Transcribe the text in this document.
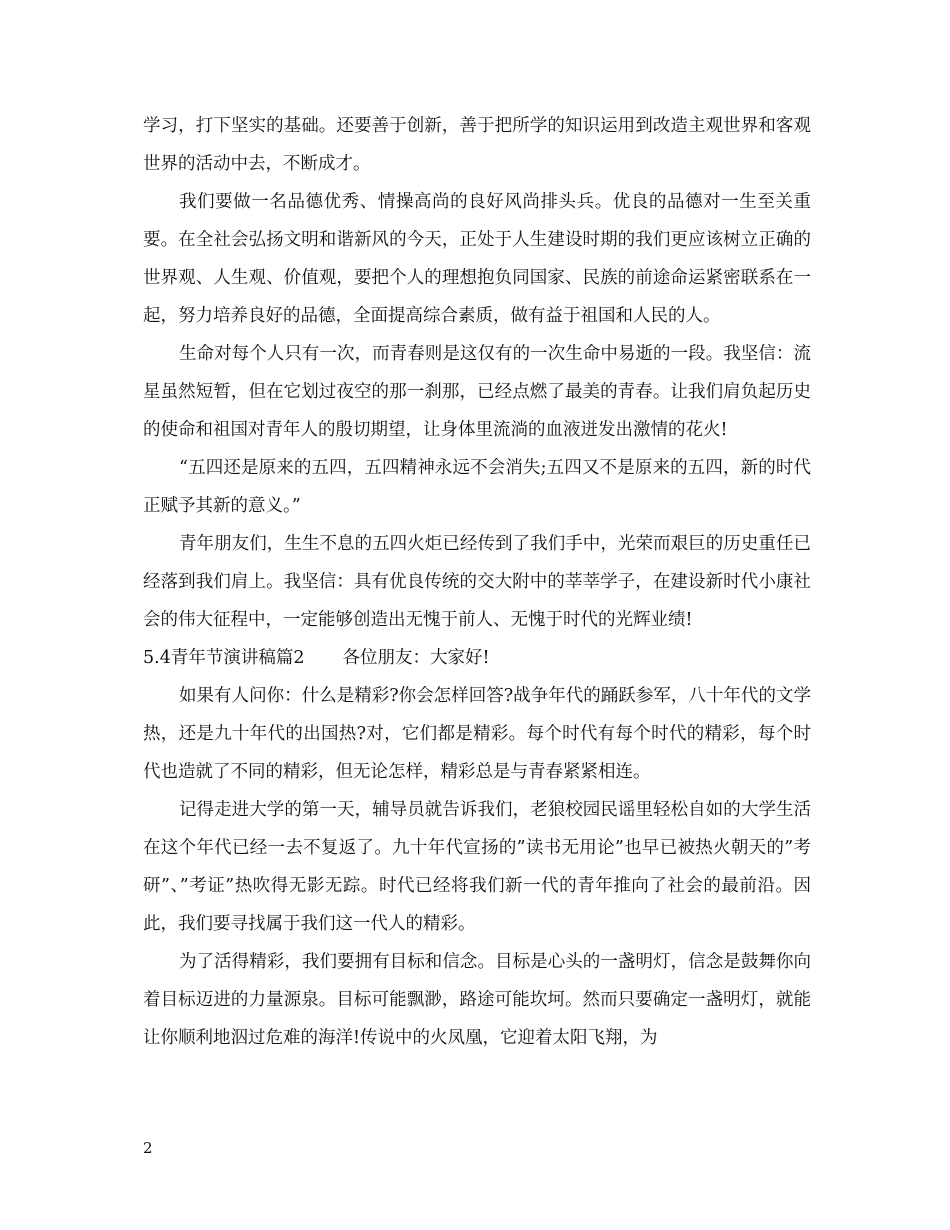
学习，打下坚实的基础。还要善于创新，善于把所学的知识运用到改造主观世界和客观世界的活动中去，不断成才。

我们要做一名品德优秀、情操高尚的良好风尚排头兵。优良的品德对一生至关重要。在全社会弘扬文明和谐新风的今天，正处于人生建设时期的我们更应该树立正确的世界观、人生观、价值观，要把个人的理想抱负同国家、民族的前途命运紧密联系在一起，努力培养良好的品德，全面提高综合素质，做有益于祖国和人民的人。

生命对每个人只有一次，而青春则是这仅有的一次生命中易逝的一段。我坚信：流星虽然短暂，但在它划过夜空的那一刹那，已经点燃了最美的青春。让我们肩负起历史的使命和祖国对青年人的殷切期望，让身体里流淌的血液迸发出激情的花火!

“五四还是原来的五四，五四精神永远不会消失;五四又不是原来的五四，新的时代正赋予其新的意义。”

青年朋友们，生生不息的五四火炬已经传到了我们手中，光荣而艰巨的历史重任已经落到我们肩上。我坚信：具有优良传统的交大附中的莘莘学子，在建设新时代小康社会的伟大征程中，一定能够创造出无愧于前人、无愧于时代的光辉业绩!

5.4青年节演讲稿篇2 各位朋友：大家好!

如果有人问你：什么是精彩?你会怎样回答?战争年代的踊跃参军，八十年代的文学热，还是九十年代的出国热?对，它们都是精彩。每个时代有每个时代的精彩，每个时代也造就了不同的精彩，但无论怎样，精彩总是与青春紧紧相连。

记得走进大学的第一天，辅导员就告诉我们，老狼校园民谣里轻松自如的大学生活在这个年代已经一去不复返了。九十年代宣扬的”读书无用论”也早已被热火朝天的”考研”、”考证”热吹得无影无踪。时代已经将我们新一代的青年推向了社会的最前沿。因此，我们要寻找属于我们这一代人的精彩。

为了活得精彩，我们要拥有目标和信念。目标是心头的一盏明灯，信念是鼓舞你向着目标迈进的力量源泉。目标可能飘渺，路途可能坎坷。然而只要确定一盏明灯，就能让你顺利地泅过危难的海洋!传说中的火凤凰，它迎着太阳飞翔，为

2
